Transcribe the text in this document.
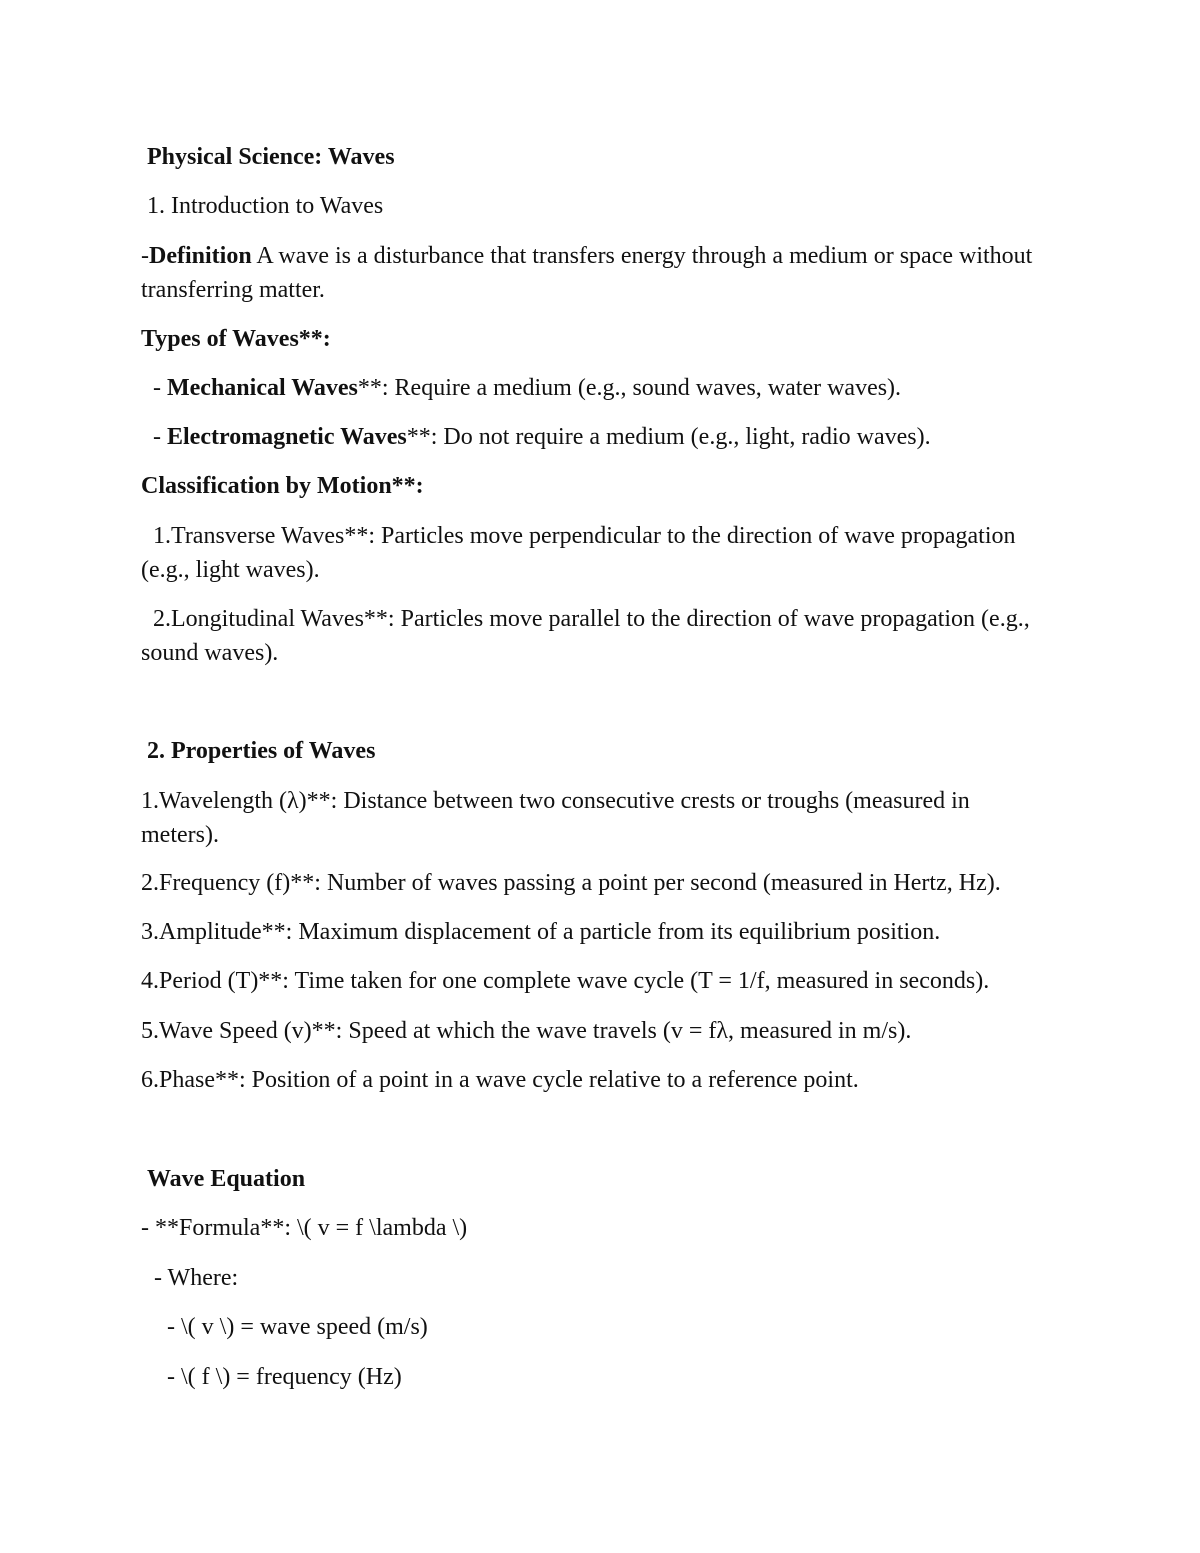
Physical Science: Waves

1. Introduction to Waves

-Definition A wave is a disturbance that transfers energy through a medium or space without transferring matter.

Types of Waves**:

- Mechanical Waves**: Require a medium (e.g., sound waves, water waves).

- Electromagnetic Waves**: Do not require a medium (e.g., light, radio waves).

Classification by Motion**:

1.Transverse Waves**: Particles move perpendicular to the direction of wave propagation (e.g., light waves).

2.Longitudinal Waves**: Particles move parallel to the direction of wave propagation (e.g., sound waves).

2. Properties of Waves

1.Wavelength (λ)**: Distance between two consecutive crests or troughs (measured in meters).

2.Frequency (f)**: Number of waves passing a point per second (measured in Hertz, Hz).

3.Amplitude**: Maximum displacement of a particle from its equilibrium position.

4.Period (T)**: Time taken for one complete wave cycle (T = 1/f, measured in seconds).

5.Wave Speed (v)**: Speed at which the wave travels (v = fλ, measured in m/s).

6.Phase**: Position of a point in a wave cycle relative to a reference point.

Wave Equation

- **Formula**: \( v = f \lambda \)

- Where:

- \( v \) = wave speed (m/s)

- \( f \) = frequency (Hz)
